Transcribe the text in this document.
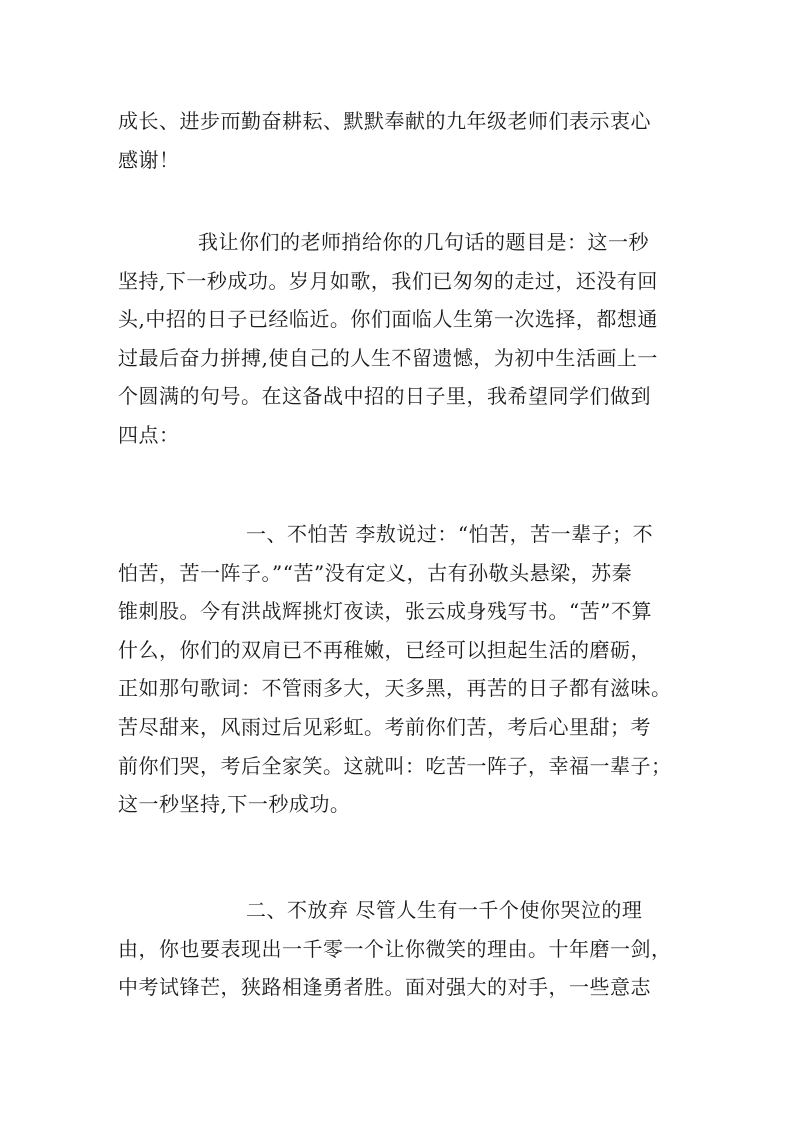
成长、进步而勤奋耕耘、默默奉献的九年级老师们表示衷心
感谢！

我让你们的老师捎给你的几句话的题目是：这一秒
坚持,下一秒成功。岁月如歌，我们已匆匆的走过，还没有回
头,中招的日子已经临近。你们面临人生第一次选择，都想通
过最后奋力拼搏,使自己的人生不留遗憾，为初中生活画上一
个圆满的句号。在这备战中招的日子里，我希望同学们做到
四点：

一、不怕苦 李敖说过：“怕苦，苦一辈子；不
怕苦，苦一阵子。”“苦”没有定义，古有孙敬头悬梁，苏秦
锥刺股。今有洪战辉挑灯夜读，张云成身残写书。“苦”不算
什么，你们的双肩已不再稚嫩，已经可以担起生活的磨砺，
正如那句歌词：不管雨多大，天多黑，再苦的日子都有滋味。
苦尽甜来，风雨过后见彩虹。考前你们苦，考后心里甜；考
前你们哭，考后全家笑。这就叫：吃苦一阵子，幸福一辈子；
这一秒坚持,下一秒成功。

二、不放弃 尽管人生有一千个使你哭泣的理
由，你也要表现出一千零一个让你微笑的理由。十年磨一剑，
中考试锋芒，狭路相逢勇者胜。面对强大的对手，一些意志
